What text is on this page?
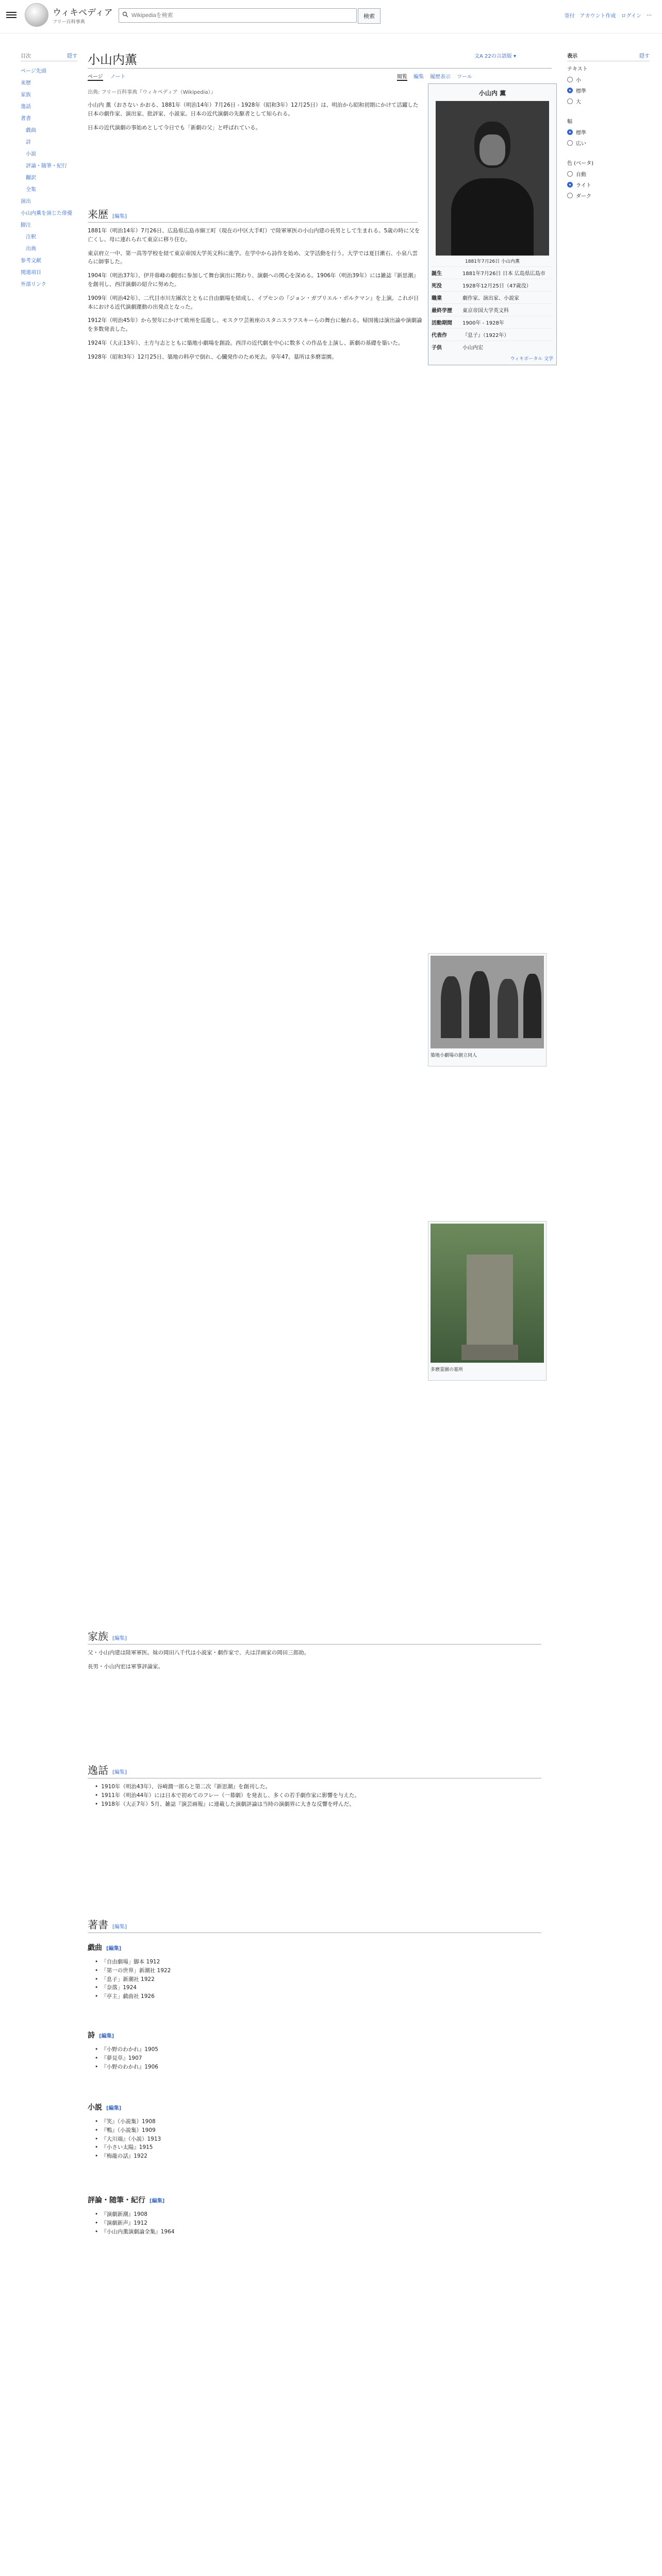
ウィキペディア
フリー百科事典
Wikipediaを検索
検索	寄付 アカウント作成 ログイン …
目次	隠す
ページ先頭
来歴
家族
逸話
著書
戯曲
詩
小説
評論・随筆・紀行
翻訳
全集
演出
小山内薫を演じた俳優
脚注
注釈
出典
参考文献
関連項目
外部リンク
小山内薫	文A 22の言語版 ▾
ページ ノート	閲覧 編集 履歴表示 ツール
出典: フリー百科事典『ウィキペディア（Wikipedia）』	小山内 薫
1881年7月26日 小山内薫
誕生	1881年7月26日 日本 広島県広島市
死没	1928年12月25日（47歳没）
職業	劇作家、演出家、小説家
最終学歴	東京帝国大学英文科
活動期間	1900年 - 1928年
代表作	『息子』（1922年）
子供	小山内宏
ウィキポータル 文学

小山内 薫（おさない かおる、1881年（明治14年）7月26日 - 1928年（昭和3年）12月25日）は、明治から昭和初期にかけて活躍した日本の劇作家、演出家、批評家、小説家。日本の近代演劇の先駆者として知られる。

日本の近代演劇の事始めとして今日でも「新劇の父」と呼ばれている。

来歴 [編集]

1881年（明治14年）7月26日、広島県広島市細工町（現在の中区大手町）で陸軍軍医の小山内建の長男として生まれる。5歳の時に父を亡くし、母に連れられて東京に移り住む。

東京府立一中、第一高等学校を経て東京帝国大学英文科に進学。在学中から詩作を始め、文学活動を行う。大学では夏目漱石、小泉八雲らに師事した。

1904年（明治37年）、伊井蓉峰の劇団に参加して舞台演出に関わり、演劇への関心を深める。1906年（明治39年）には雑誌『新思潮』を創刊し、西洋演劇の紹介に努めた。

1909年（明治42年）、二代目市川左團次とともに自由劇場を結成し、イプセンの『ジョン・ガブリエル・ボルクマン』を上演。これが日本における近代演劇運動の出発点となった。

1912年（明治45年）から翌年にかけて欧州を巡遊し、モスクワ芸術座のスタニスラフスキーらの舞台に触れる。帰国後は演出論や演劇論を多数発表した。

1924年（大正13年）、土方与志とともに築地小劇場を創設。西洋の近代劇を中心に数多くの作品を上演し、新劇の基礎を築いた。

1928年（昭和3年）12月25日、築地の料亭で倒れ、心臓発作のため死去。享年47。墓所は多磨霊園。

築地小劇場の創立同人
多磨霊園の墓所
家族 [編集]

父・小山内建は陸軍軍医。妹の岡田八千代は小説家・劇作家で、夫は洋画家の岡田三郎助。

長男・小山内宏は軍事評論家。

逸話 [編集]
• 1910年（明治43年）、谷崎潤一郎らと第二次『新思潮』を創刊した。
• 1911年（明治44年）には日本で初めてのフレー（一幕劇）を発表し、多くの若手劇作家に影響を与えた。
• 1918年（大正7年）5月、雑誌『演芸画報』に連載した演劇評論は当時の演劇界に大きな反響を呼んだ。
著書 [編集]
戯曲 [編集]
• 「自由劇場」脚本 1912
• 「第一の世界」新潮社 1922
• 「息子」新潮社 1922
• 「奈落」1924
• 「亭主」戯曲社 1926
詩 [編集]
• 『小野のわかれ』1905
• 『夢見草』1907
• 『小野のわかれ』1906
小説 [編集]
• 『笑』（小説集）1908
• 『鴨』（小説集）1909
• 『大川端』（小説）1913
• 『小さい太陽』1915
• 『梅龍の話』1922
評論・随筆・紀行 [編集]
• 『演劇新潮』1908
• 『演劇新声』1912
• 『小山内薫演劇論全集』1964
表示	隠す
テキスト
小
標準
大
幅
標準
広い
色 (ベータ)
自動
ライト
ダーク
